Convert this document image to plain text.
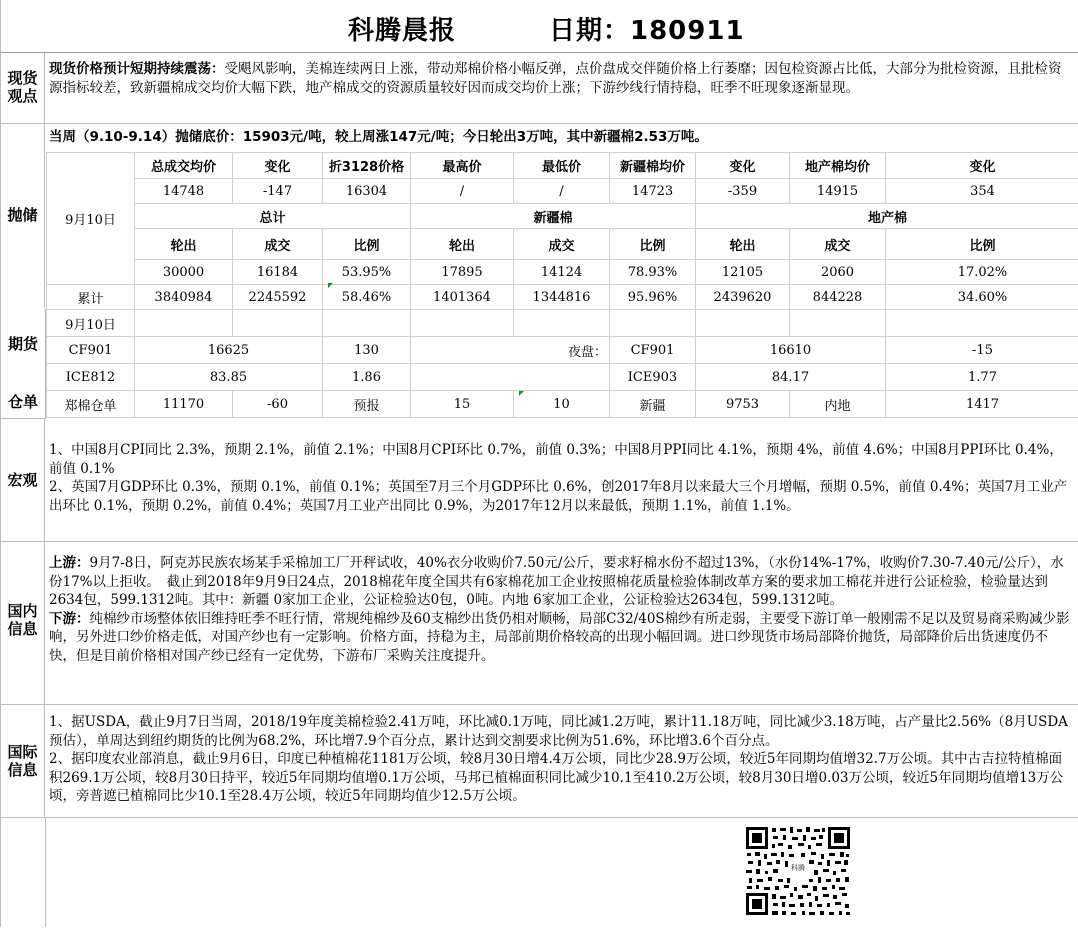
科腾晨报	日期：180911
现货观点
现货价格预计短期持续震荡：受飓风影响，美棉连续两日上涨，带动郑棉价格小幅反弹，点价盘成交伴随价格上行萎靡；因包检资源占比低，大部分为批检资源，且批检资源指标较差，致新疆棉成交均价大幅下跌，地产棉成交的资源质量较好因而成交均价上涨；下游纱线行情持稳，旺季不旺现象逐渐显现。
抛储
当周（9.10-9.14）抛储底价：15903元/吨，较上周涨147元/吨；今日轮出3万吨，其中新疆棉2.53万吨。
9月10日	总成交均价	变化	折3128价格	最高价	最低价	新疆棉均价	变化	地产棉均价	变化
	14748	-147	16304	/	/	14723	-359	14915	354
	总计			新疆棉			地产棉		
	轮出	成交	比例	轮出	成交	比例	轮出	成交	比例
	30000	16184	53.95%	17895	14124	78.93%	12105	2060	17.02%
累计	3840984	2245592	58.46%	1401364	1344816	95.96%	2439620	844228	34.60%
期货
仓单
9月10日									
CF901	16625		130	夜盘：		CF901	16610		-15
ICE812	83.85		1.86			ICE903	84.17		1.77
郑棉仓单	11170	-60	预报	15	10	新疆	9753	内地	1417
宏观
1、中国8月CPI同比 2.3%，预期 2.1%，前值 2.1%；中国8月CPI环比 0.7%，前值 0.3%；中国8月PPI同比 4.1%，预期 4%，前值 4.6%；中国8月PPI环比 0.4%，前值 0.1%
2、英国7月GDP环比 0.3%，预期 0.1%，前值 0.1%；英国至7月三个月GDP环比 0.6%，创2017年8月以来最大三个月增幅，预期 0.5%，前值 0.4%；英国7月工业产出环比 0.1%，预期 0.2%，前值 0.4%；英国7月工业产出同比 0.9%，为2017年12月以来最低，预期 1.1%，前值 1.1%。
国内信息
上游：9月7-8日，阿克苏民族农场某手采棉加工厂开秤试收，40%衣分收购价7.50元/公斤，要求籽棉水份不超过13%，（水份14%-17%，收购价7.30-7.40元/公斤），水份17%以上拒收。　截止到2018年9月9日24点，2018棉花年度全国共有6家棉花加工企业按照棉花质量检验体制改革方案的要求加工棉花并进行公证检验，检验量达到2634包，599.1312吨。其中：新疆 0家加工企业，公证检验达0包，0吨。内地 6家加工企业，公证检验达2634包，599.1312吨。
下游：纯棉纱市场整体依旧维持旺季不旺行情，常规纯棉纱及60支棉纱出货仍相对顺畅，局部C32/40S棉纱有所走弱，主要受下游订单一般刚需不足以及贸易商采购减少影响，另外进口纱价格走低，对国产纱也有一定影响。价格方面，持稳为主，局部前期价格较高的出现小幅回调。进口纱现货市场局部降价抛货，局部降价后出货速度仍不快，但是目前价格相对国产纱已经有一定优势，下游布厂采购关注度提升。
国际信息
1、据USDA，截止9月7日当周，2018/19年度美棉检验2.41万吨，环比减0.1万吨，同比减1.2万吨，累计11.18万吨，同比减少3.18万吨，占产量比2.56%（8月USDA预估），单周达到纽约期货的比例为68.2%，环比增7.9个百分点，累计达到交割要求比例为51.6%，环比增3.6个百分点。
2、据印度农业部消息，截止9月6日，印度已种植棉花1181万公顷，较8月30日增4.4万公顷，同比少28.9万公顷，较近5年同期均值增32.7万公顷。其中古吉拉特植棉面积269.1万公顷，较8月30日持平，较近5年同期均值增0.1万公顷，马邦已植棉面积同比减少10.1至410.2万公顷，较8月30日增0.03万公顷，较近5年同期均值增13万公顷，旁普遮已植棉同比少10.1至28.4万公顷，较近5年同期均值少12.5万公顷。
科腾
